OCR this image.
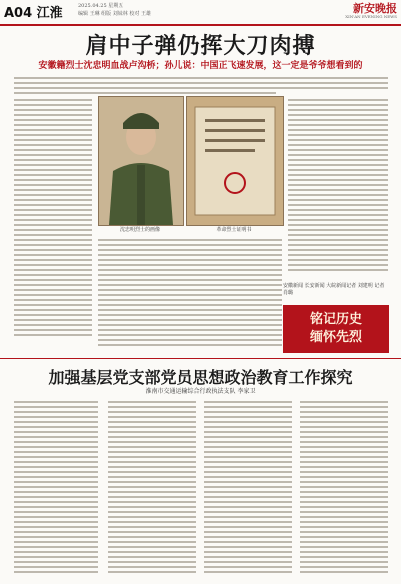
A04 江淮	2025.04.25 星期五
编辑 王琳 组版 刘妹林 校对 王雄	新安晚报
XIN'AN EVENING NEWS
肩中子弹仍挥大刀肉搏
安徽籍烈士沈忠明血战卢沟桥；孙儿说：中国正飞速发展，这一定是爷爷想看到的
沈忠明烈士的画像	革命烈士证明书
安徽新闻 长安新闻 大皖新闻记者 刘建明 记者 肖璐
铭记历史
缅怀先烈
加强基层党支部党员思想政治教育工作探究
淮南市交通运输综合行政执法支队 李家卫
